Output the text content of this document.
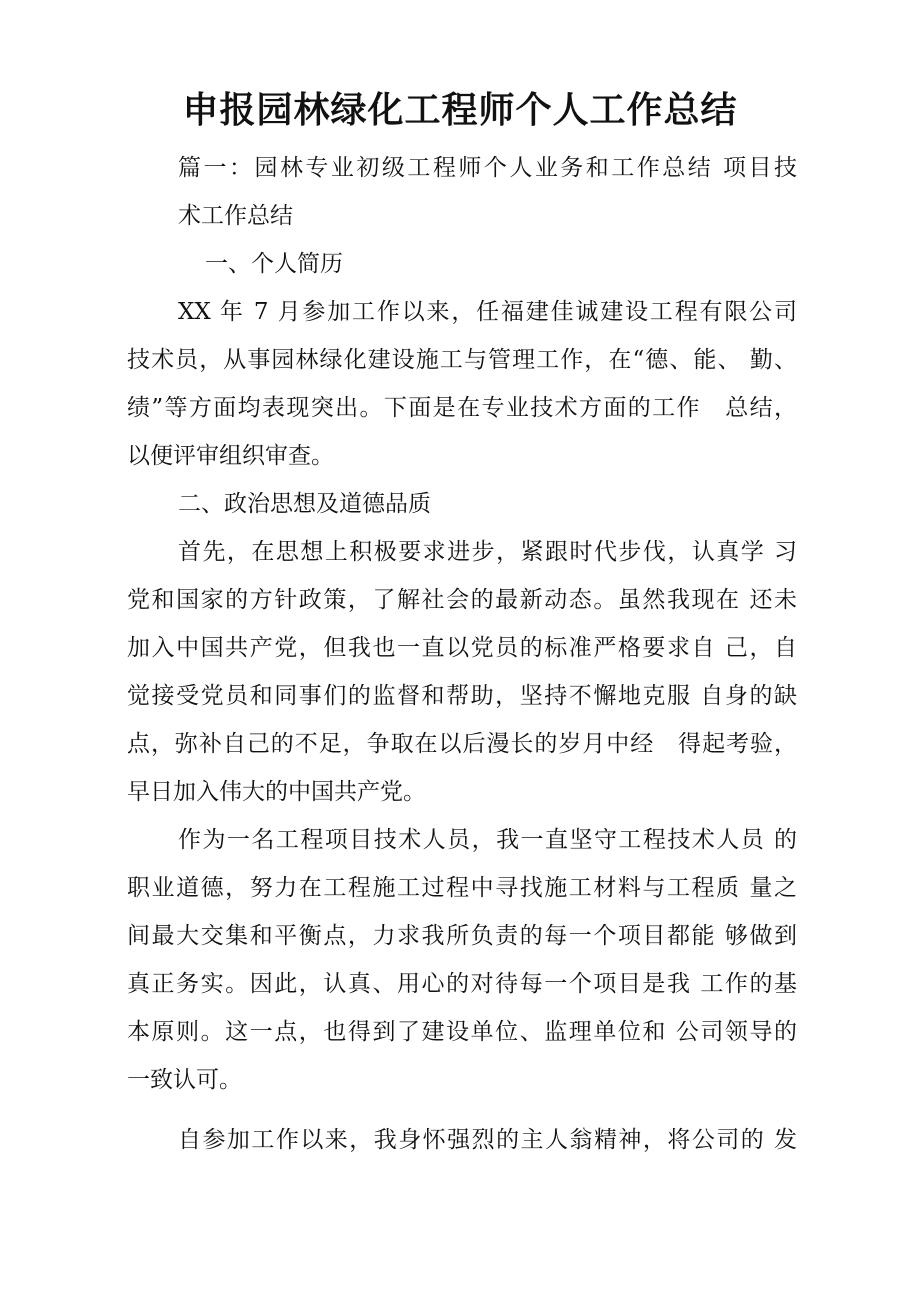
申报园林绿化工程师个人工作总结
篇一：园林专业初级工程师个人业务和工作总结 项目技
术工作总结
一、个人简历
XX 年 7 月参加工作以来，任福建佳诚建设工程有限公司
技术员，从事园林绿化建设施工与管理工作，在“德、能、 勤、
绩”等方面均表现突出。下面是在专业技术方面的工作　总结，
以便评审组织审查。
二、政治思想及道德品质
首先，在思想上积极要求进步，紧跟时代步伐，认真学 习
党和国家的方针政策，了解社会的最新动态。虽然我现在 还未
加入中国共产党，但我也一直以党员的标准严格要求自 己，自
觉接受党员和同事们的监督和帮助，坚持不懈地克服 自身的缺
点，弥补自己的不足，争取在以后漫长的岁月中经　得起考验，
早日加入伟大的中国共产党。
作为一名工程项目技术人员，我一直坚守工程技术人员 的
职业道德，努力在工程施工过程中寻找施工材料与工程质 量之
间最大交集和平衡点，力求我所负责的每一个项目都能 够做到
真正务实。因此，认真、用心的对待每一个项目是我 工作的基
本原则。这一点，也得到了建设单位、监理单位和 公司领导的
一致认可。
自参加工作以来，我身怀强烈的主人翁精神，将公司的 发
